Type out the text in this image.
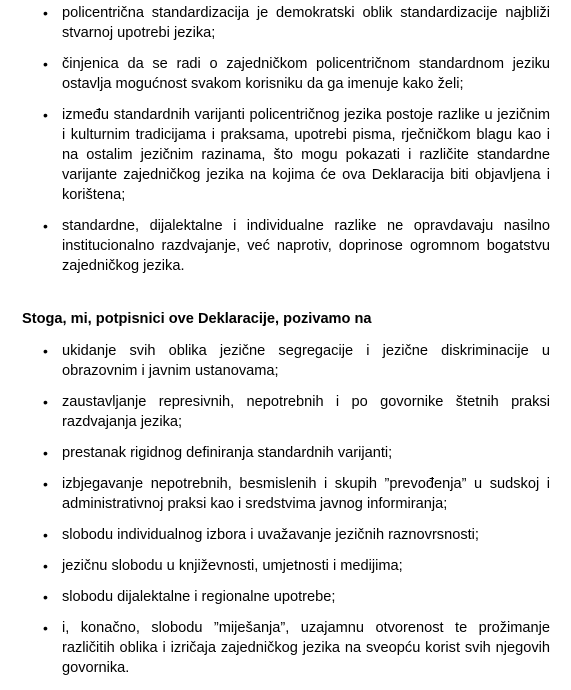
• policentrična standardizacija je demokratski oblik standardizacije najbliži stvarnoj upotrebi jezika;
• činjenica da se radi o zajedničkom policentričnom standardnom jeziku ostavlja mogućnost svakom korisniku da ga imenuje kako želi;
• između standardnih varijanti policentričnog jezika postoje razlike u jezičnim i kulturnim tradicijama i praksama, upotrebi pisma, rječničkom blagu kao i na ostalim jezičnim razinama, što mogu pokazati i različite standardne varijante zajedničkog jezika na kojima će ova Deklaracija biti objavljena i korištena;
• standardne, dijalektalne i individualne razlike ne opravdavaju nasilno institucionalno razdvajanje, već naprotiv, doprinose ogromnom bogatstvu zajedničkog jezika.
Stoga, mi, potpisnici ove Deklaracije, pozivamo na
• ukidanje svih oblika jezične segregacije i jezične diskriminacije u obrazovnim i javnim ustanovama;
• zaustavljanje represivnih, nepotrebnih i po govornike štetnih praksi razdvajanja jezika;
• prestanak rigidnog definiranja standardnih varijanti;
• izbjegavanje nepotrebnih, besmislenih i skupih ”prevođenja” u sudskoj i administrativnoj praksi kao i sredstvima javnog informiranja;
• slobodu individualnog izbora i uvažavanje jezičnih raznovrsnosti;
• jezičnu slobodu u književnosti, umjetnosti i medijima;
• slobodu dijalektalne i regionalne upotrebe;
• i, konačno, slobodu ”miješanja”, uzajamnu otvorenost te prožimanje različitih oblika i izričaja zajedničkog jezika na sveopću korist svih njegovih govornika.
